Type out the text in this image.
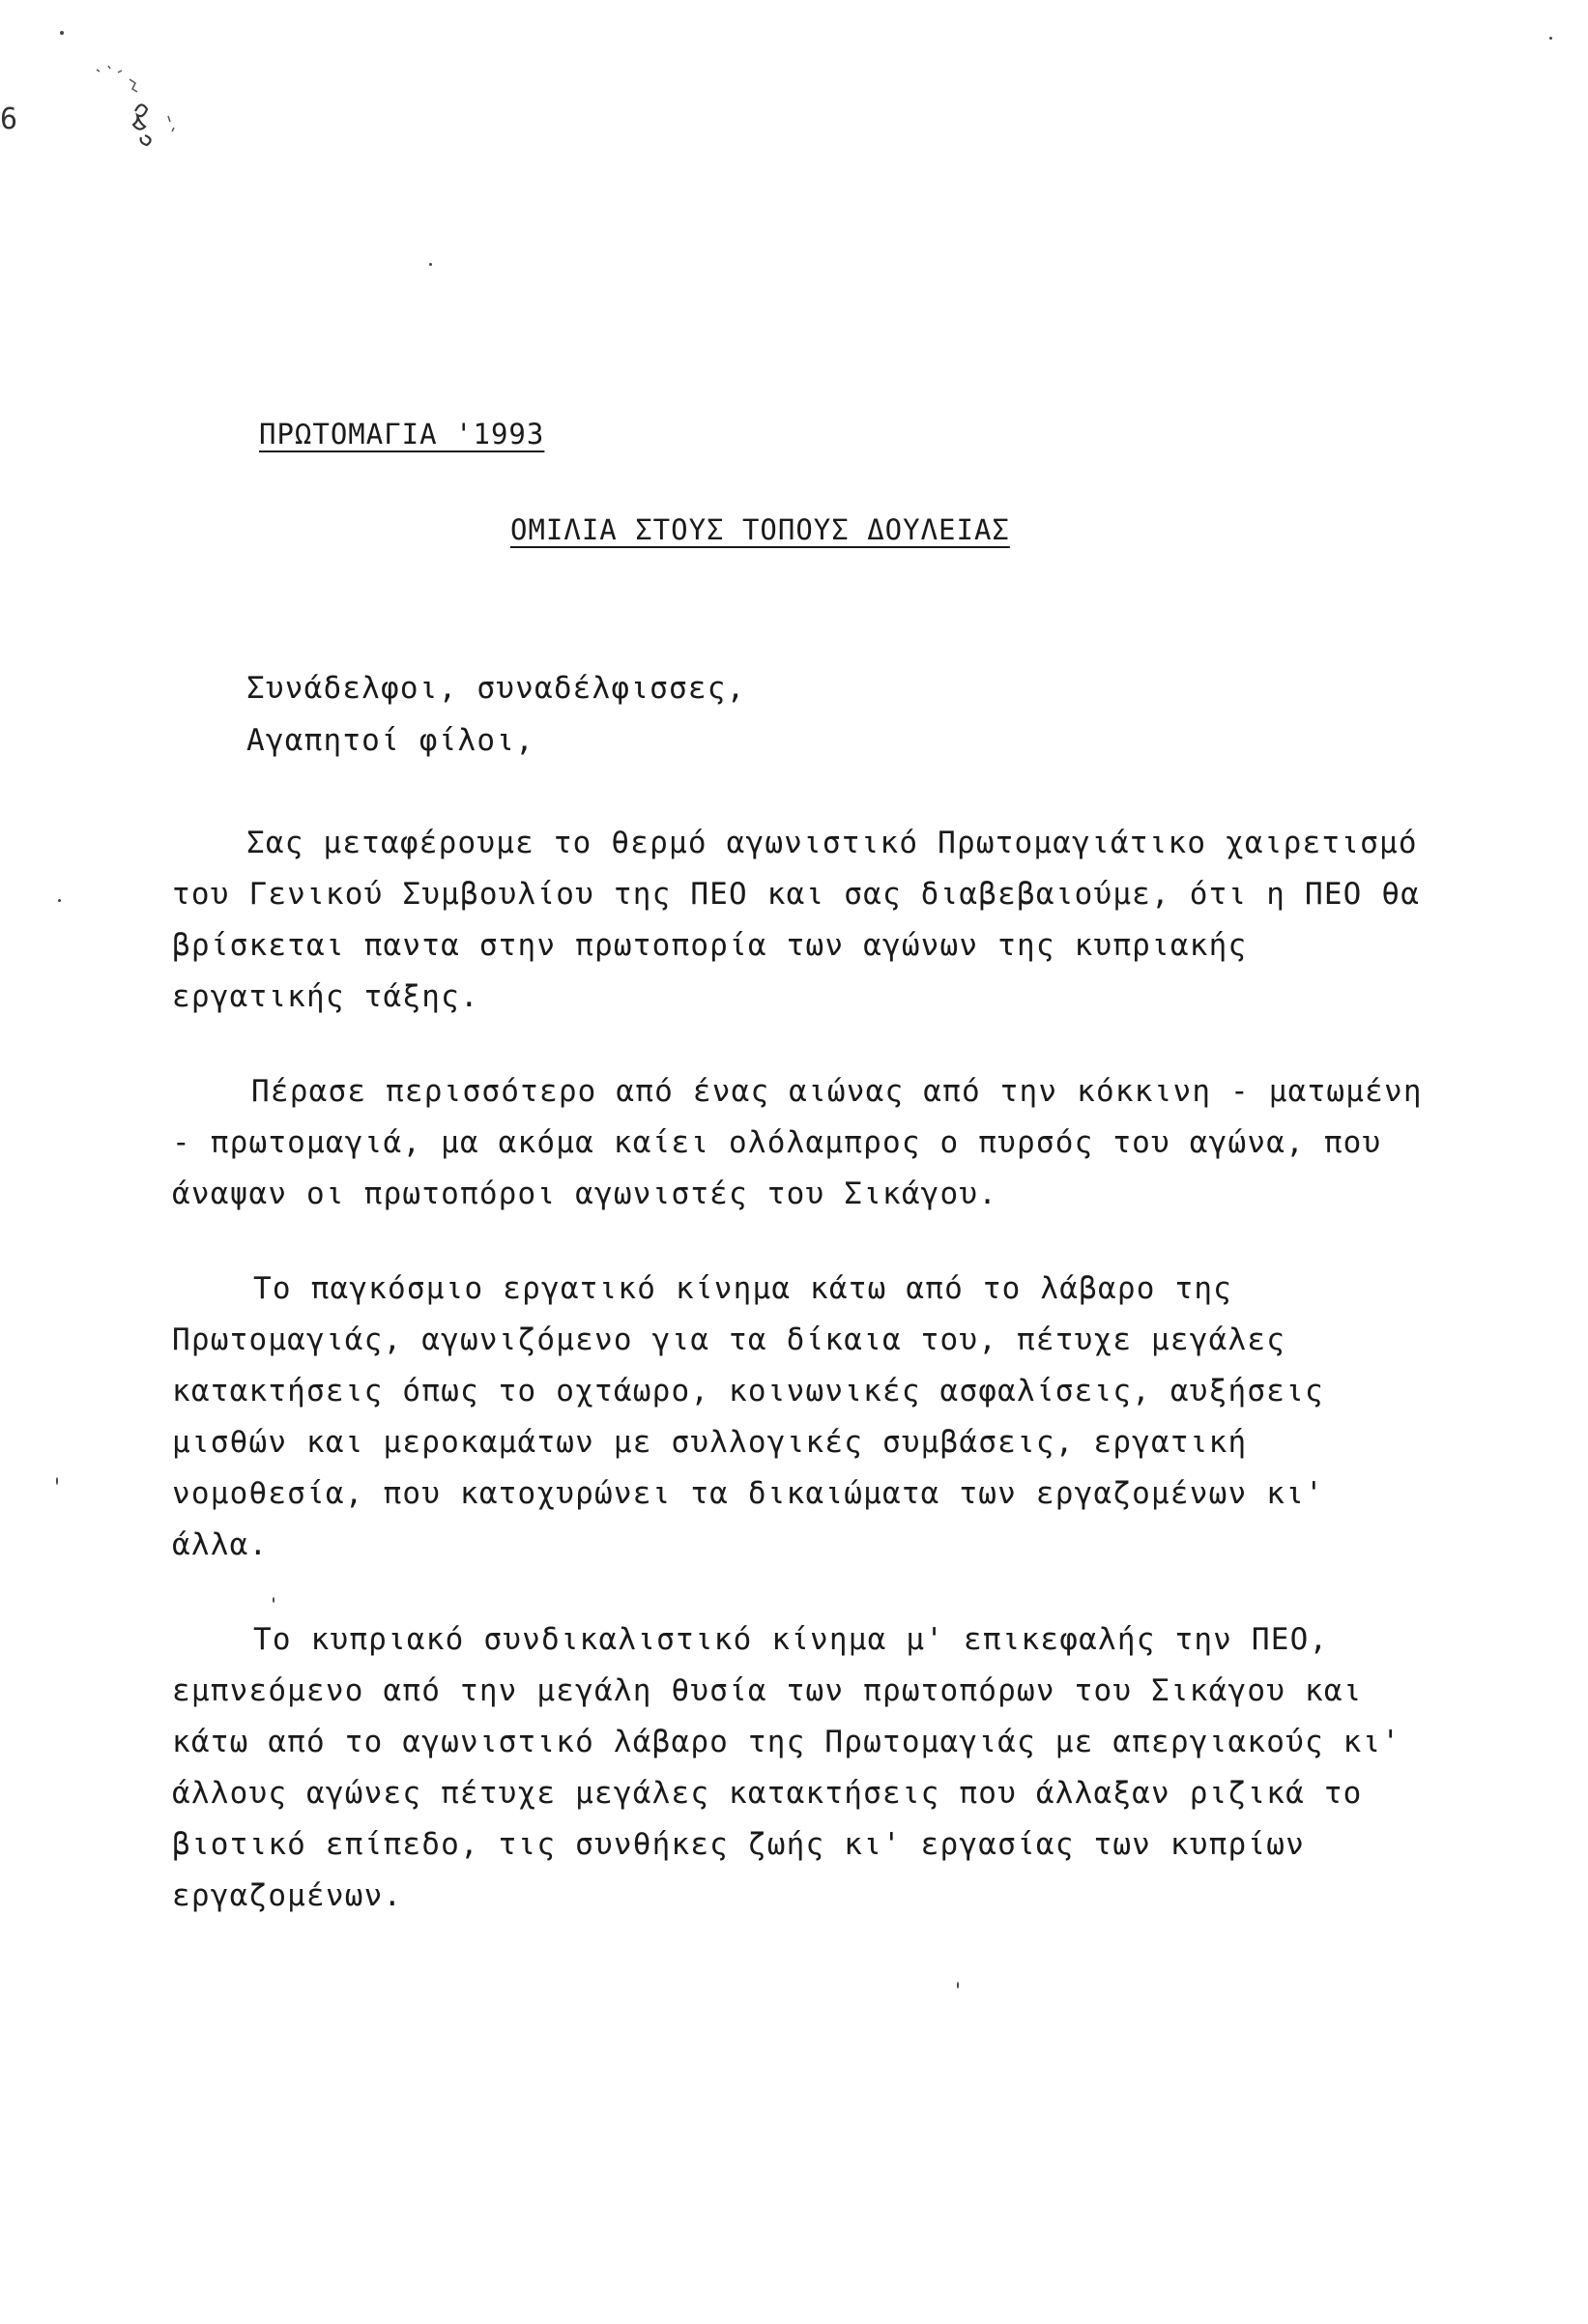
6
ΠΡΩΤΟΜΑΓΙΑ '1993
ΟΜΙΛΙΑ ΣΤΟΥΣ ΤΟΠΟΥΣ ΔΟΥΛΕΙΑΣ
Συνάδελφοι, συναδέλφισσες,
Αγαπητοί φίλοι,
Σας μεταφέρουμε το θερμό αγωνιστικό Πρωτομαγιάτικο χαιρετισμό
του Γενικού Συμβουλίου της ΠΕΟ και σας διαβεβαιούμε, ότι η ΠΕΟ θα
βρίσκεται παντα στην πρωτοπορία των αγώνων της κυπριακής
εργατικής τάξης.
Πέρασε περισσότερο από ένας αιώνας από την κόκκινη - ματωμένη
- πρωτομαγιά, μα ακόμα καίει ολόλαμπρος ο πυρσός του αγώνα, που
άναψαν οι πρωτοπόροι αγωνιστές του Σικάγου.
Το παγκόσμιο εργατικό κίνημα κάτω από το λάβαρο της
Πρωτομαγιάς, αγωνιζόμενο για τα δίκαια του, πέτυχε μεγάλες
κατακτήσεις όπως το οχτάωρο, κοινωνικές ασφαλίσεις, αυξήσεις
μισθών και μεροκαμάτων με συλλογικές συμβάσεις, εργατική
νομοθεσία, που κατοχυρώνει τα δικαιώματα των εργαζομένων κι'
άλλα.
Το κυπριακό συνδικαλιστικό κίνημα μ' επικεφαλής την ΠΕΟ,
εμπνεόμενο από την μεγάλη θυσία των πρωτοπόρων του Σικάγου και
κάτω από το αγωνιστικό λάβαρο της Πρωτομαγιάς με απεργιακούς κι'
άλλους αγώνες πέτυχε μεγάλες κατακτήσεις που άλλαξαν ριζικά το
βιοτικό επίπεδο, τις συνθήκες ζωής κι' εργασίας των κυπρίων
εργαζομένων.
